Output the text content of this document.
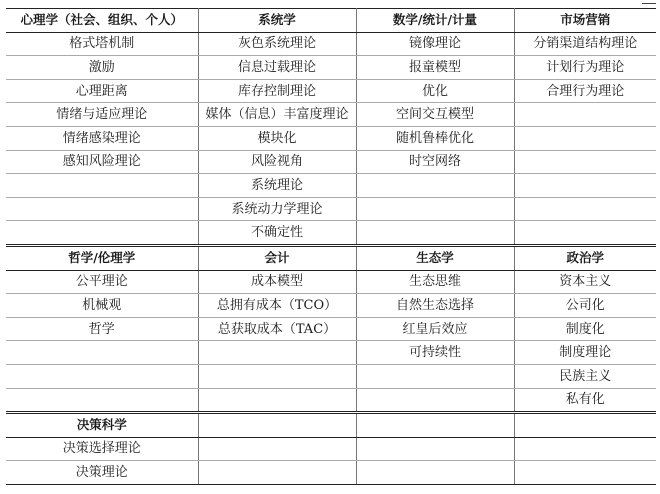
心理学（社会、组织、个人）	系统学	数学/统计/计量	市场营销
格式塔机制	灰色系统理论	镜像理论	分销渠道结构理论
激励	信息过载理论	报童模型	计划行为理论
心理距离	库存控制理论	优化	合理行为理论
情绪与适应理论	媒体（信息）丰富度理论	空间交互模型	
情绪感染理论	模块化	随机鲁棒优化	
感知风险理论	风险视角	时空网络	
	系统理论		
	系统动力学理论		
	不确定性		
哲学/伦理学	会计	生态学	政治学
公平理论	成本模型	生态思维	资本主义
机械观	总拥有成本（TCO）	自然生态选择	公司化
哲学	总获取成本（TAC）	红皇后效应	制度化
		可持续性	制度理论
			民族主义
			私有化
决策科学			
决策选择理论			
决策理论			
